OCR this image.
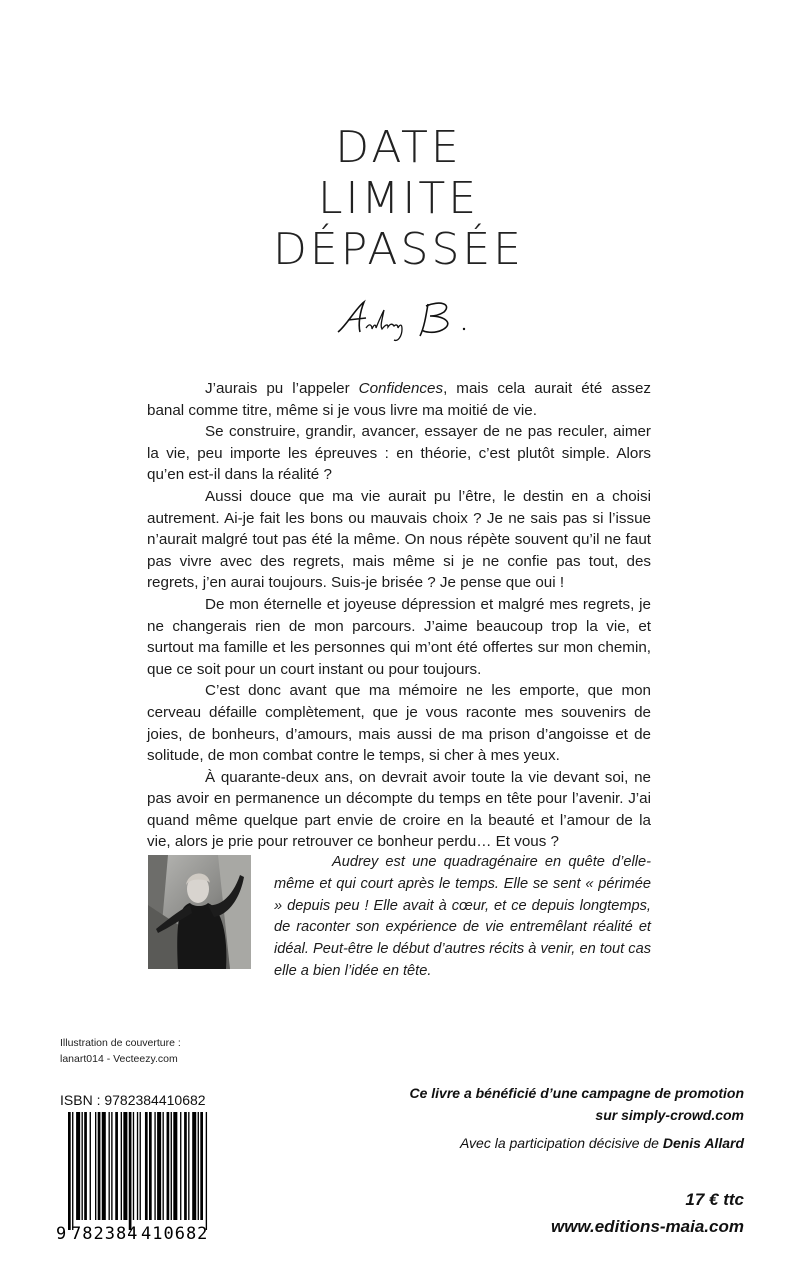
DATE
LIMITE
DÉPASSÉE

J’aurais pu l’appeler Confidences, mais cela aurait été assez banal comme titre, même si je vous livre ma moitié de vie.

Se construire, grandir, avancer, essayer de ne pas reculer, aimer la vie, peu importe les épreuves : en théorie, c’est plutôt simple. Alors qu’en est-il dans la réalité ?

Aussi douce que ma vie aurait pu l’être, le destin en a choisi autrement. Ai-je fait les bons ou mauvais choix ? Je ne sais pas si l’issue n’aurait malgré tout pas été la même. On nous répète souvent qu’il ne faut pas vivre avec des regrets, mais même si je ne confie pas tout, des regrets, j’en aurai toujours. Suis-je brisée ? Je pense que oui !

De mon éternelle et joyeuse dépression et malgré mes regrets, je ne changerais rien de mon parcours. J’aime beaucoup trop la vie, et surtout ma famille et les personnes qui m’ont été offertes sur mon chemin, que ce soit pour un court instant ou pour toujours.

C’est donc avant que ma mémoire ne les emporte, que mon cerveau défaille complètement, que je vous raconte mes souvenirs de joies, de bonheurs, d’amours, mais aussi de ma prison d’angoisse et de solitude, de mon combat contre le temps, si cher à mes yeux.

À quarante-deux ans, on devrait avoir toute la vie devant soi, ne pas avoir en permanence un décompte du temps en tête pour l’avenir. J’ai quand même quelque part envie de croire en la beauté et l’amour de la vie, alors je prie pour retrouver ce bonheur perdu… Et vous ?

Audrey est une quadragénaire en quête d’elle-même et qui court après le temps. Elle se sent « périmée » depuis peu ! Elle avait à cœur, et ce depuis longtemps, de raconter son expérience de vie entremêlant réalité et idéal. Peut-être le début d’autres récits à venir, en tout cas elle a bien l’idée en tête.

Illustration de couverture :
lanart014 - Vecteezy.com
ISBN : 9782384410682
9 782384 410682
Ce livre a bénéficié d’une campagne de promotion
sur simply-crowd.com
Avec la participation décisive de Denis Allard
17 € ttc
www.editions-maia.com
